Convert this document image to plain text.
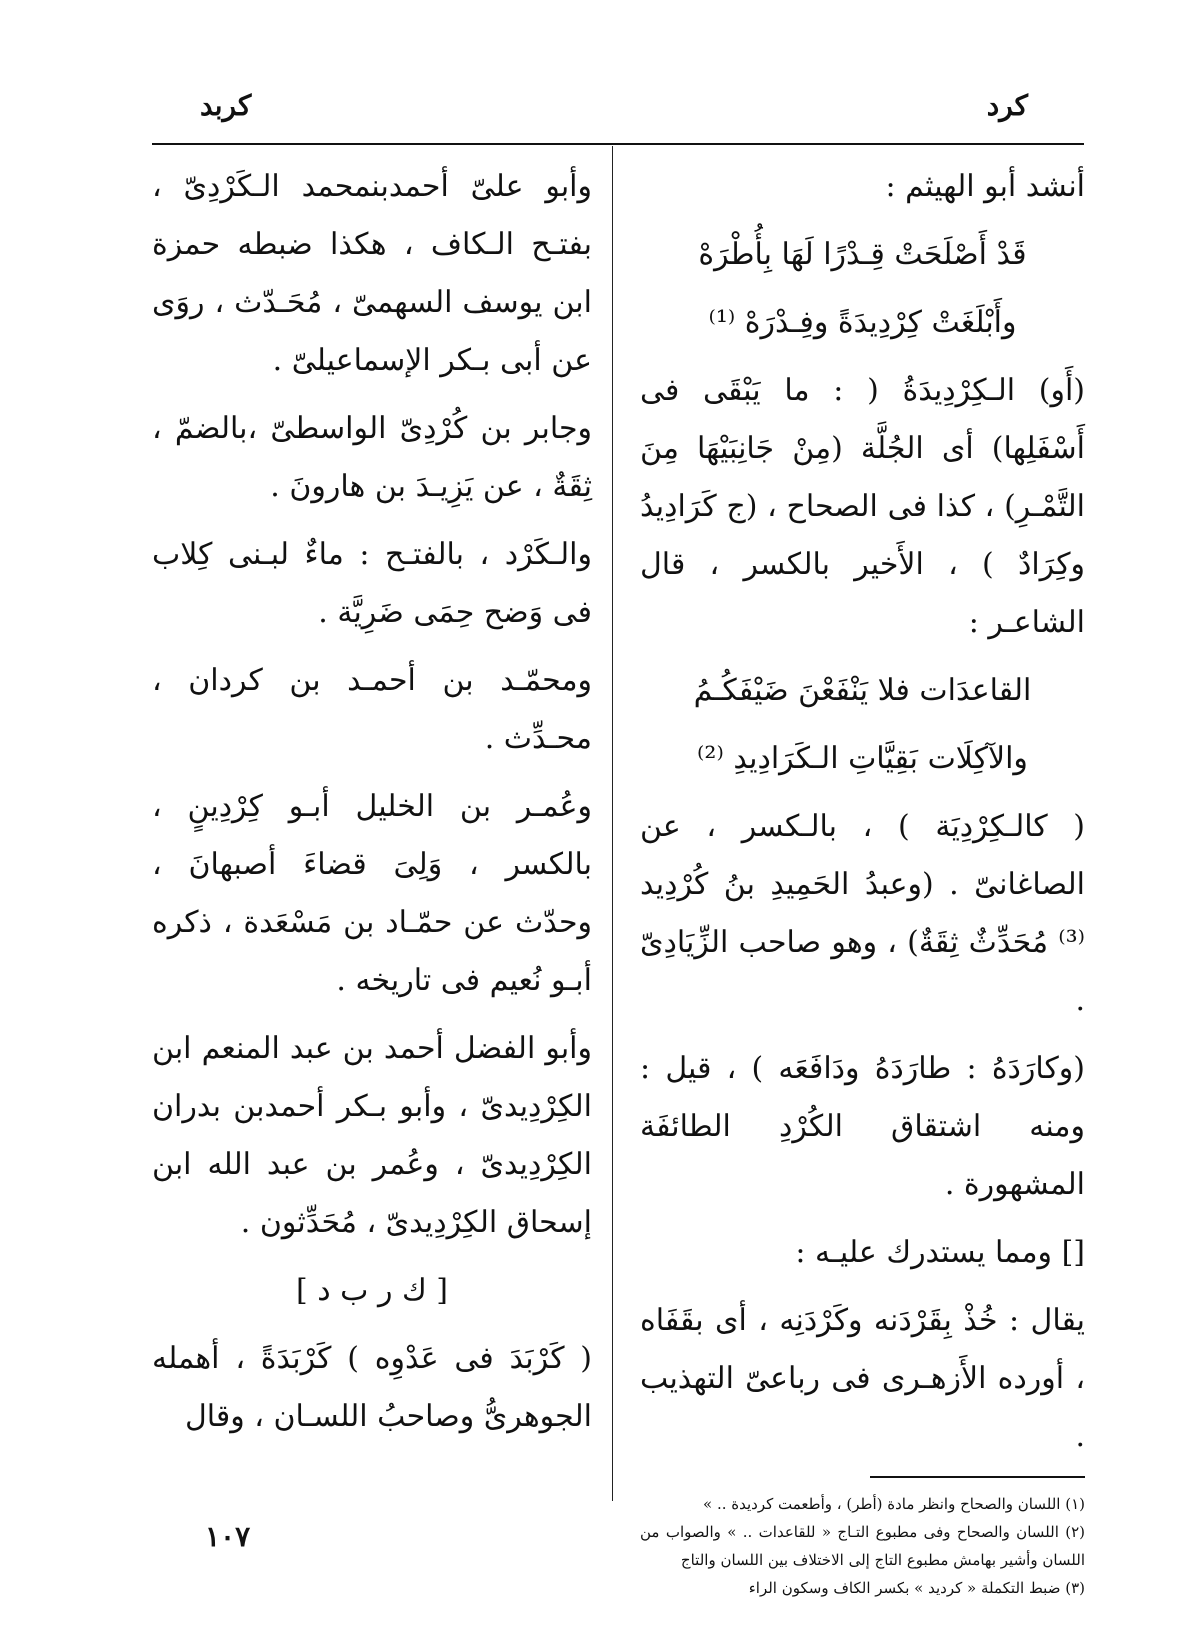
كرد
كربد

أنشد أبو الهيثم :

قَدْ أَصْلَحَتْ قِـدْرًا لَهَا بِأُطْرَهْ

وأَبْلَغَتْ كِرْدِيدَةً وفِـدْرَهْ ⁽¹⁾

(أَو) الـكِرْدِيدَةُ ( : ما يَبْقَى فى أَسْفَلِها) أى الجُلَّة (مِنْ جَانِبَيْهَا مِنَ التَّمْـرِ) ، كذا فى الصحاح ، (ج كَرَادِيدُ وكِرَادٌ ) ، الأَخير بالكسر ، قال الشاعـر :

القاعدَات فلا يَنْفَعْنَ ضَيْفَكُـمُ

والآكِلَات بَقِيَّاتِ الـكَرَادِيدِ ⁽²⁾

( كالـكِرْدِيَة ) ، بالـكسر ، عن الصاغانىّ . (وعبدُ الحَمِيدِ بنُ كُرْدِيد ⁽³⁾ مُحَدِّثٌ ثِقَةٌ) ، وهو صاحب الزِّيَادِىّ .

(وكارَدَهُ : طارَدَهُ ودَافَعَه ) ، قيل : ومنه اشتقاق الكُرْدِ الطائفَة المشهورة .

[] ومما يستدرك عليـه :

يقال : خُذْ بِقَرْدَنه وكَرْدَنِه ، أى بقَفَاه ، أورده الأَزهـرى فى رباعىّ التهذيب .

(١) اللسان والصحاح وانظر مادة (أطر) ، وأطعمت كرديدة .. »

(٢) اللسان والصحاح وفى مطبوع التـاج « للقاعدات .. » والصواب من اللسان وأشير بهامش مطبوع التاج إلى الاختلاف بين اللسان والتاج

(٣) ضبط التكملة « كرديد » بكسر الكاف وسكون الراء

وأبو علىّ أحمدبنمحمد الـكَرْدِىّ ، بفتـح الـكاف ، هكذا ضبطه حمزة ابن يوسف السهمىّ ، مُحَـدّث ، روَى عن أبى بـكر الإسماعيلىّ .

وجابر بن كُرْدِىّ الواسطىّ ،بالضمّ ، ثِقَةٌ ، عن يَزِيـدَ بن هارونَ .

والـكَرْد ، بالفتـح : ماءٌ لبـنى كِلاب فى وَضح حِمَى ضَرِيَّة .

ومحمّـد بن أحمـد بن كردان ، محـدِّث .

وعُمـر بن الخليل أبـو كِرْدِينٍ ، بالكسر ، وَلِىَ قضاءَ أصبهانَ ، وحدّث عن حمّـاد بن مَسْعَدة ، ذكره أبـو نُعيم فى تاريخه .

وأبو الفضل أحمد بن عبد المنعم ابن الكِرْدِيدىّ ، وأبو بـكر أحمدبن بدران الكِرْدِيدىّ ، وعُمر بن عبد الله ابن إسحاق الكِرْدِيدىّ ، مُحَدِّثون .

[ ك ر ب د ]

( كَرْبَدَ فى عَدْوِه ) كَرْبَدَةً ، أهمله الجوهرىُّ وصاحبُ اللسـان ، وقال

١٠٧
